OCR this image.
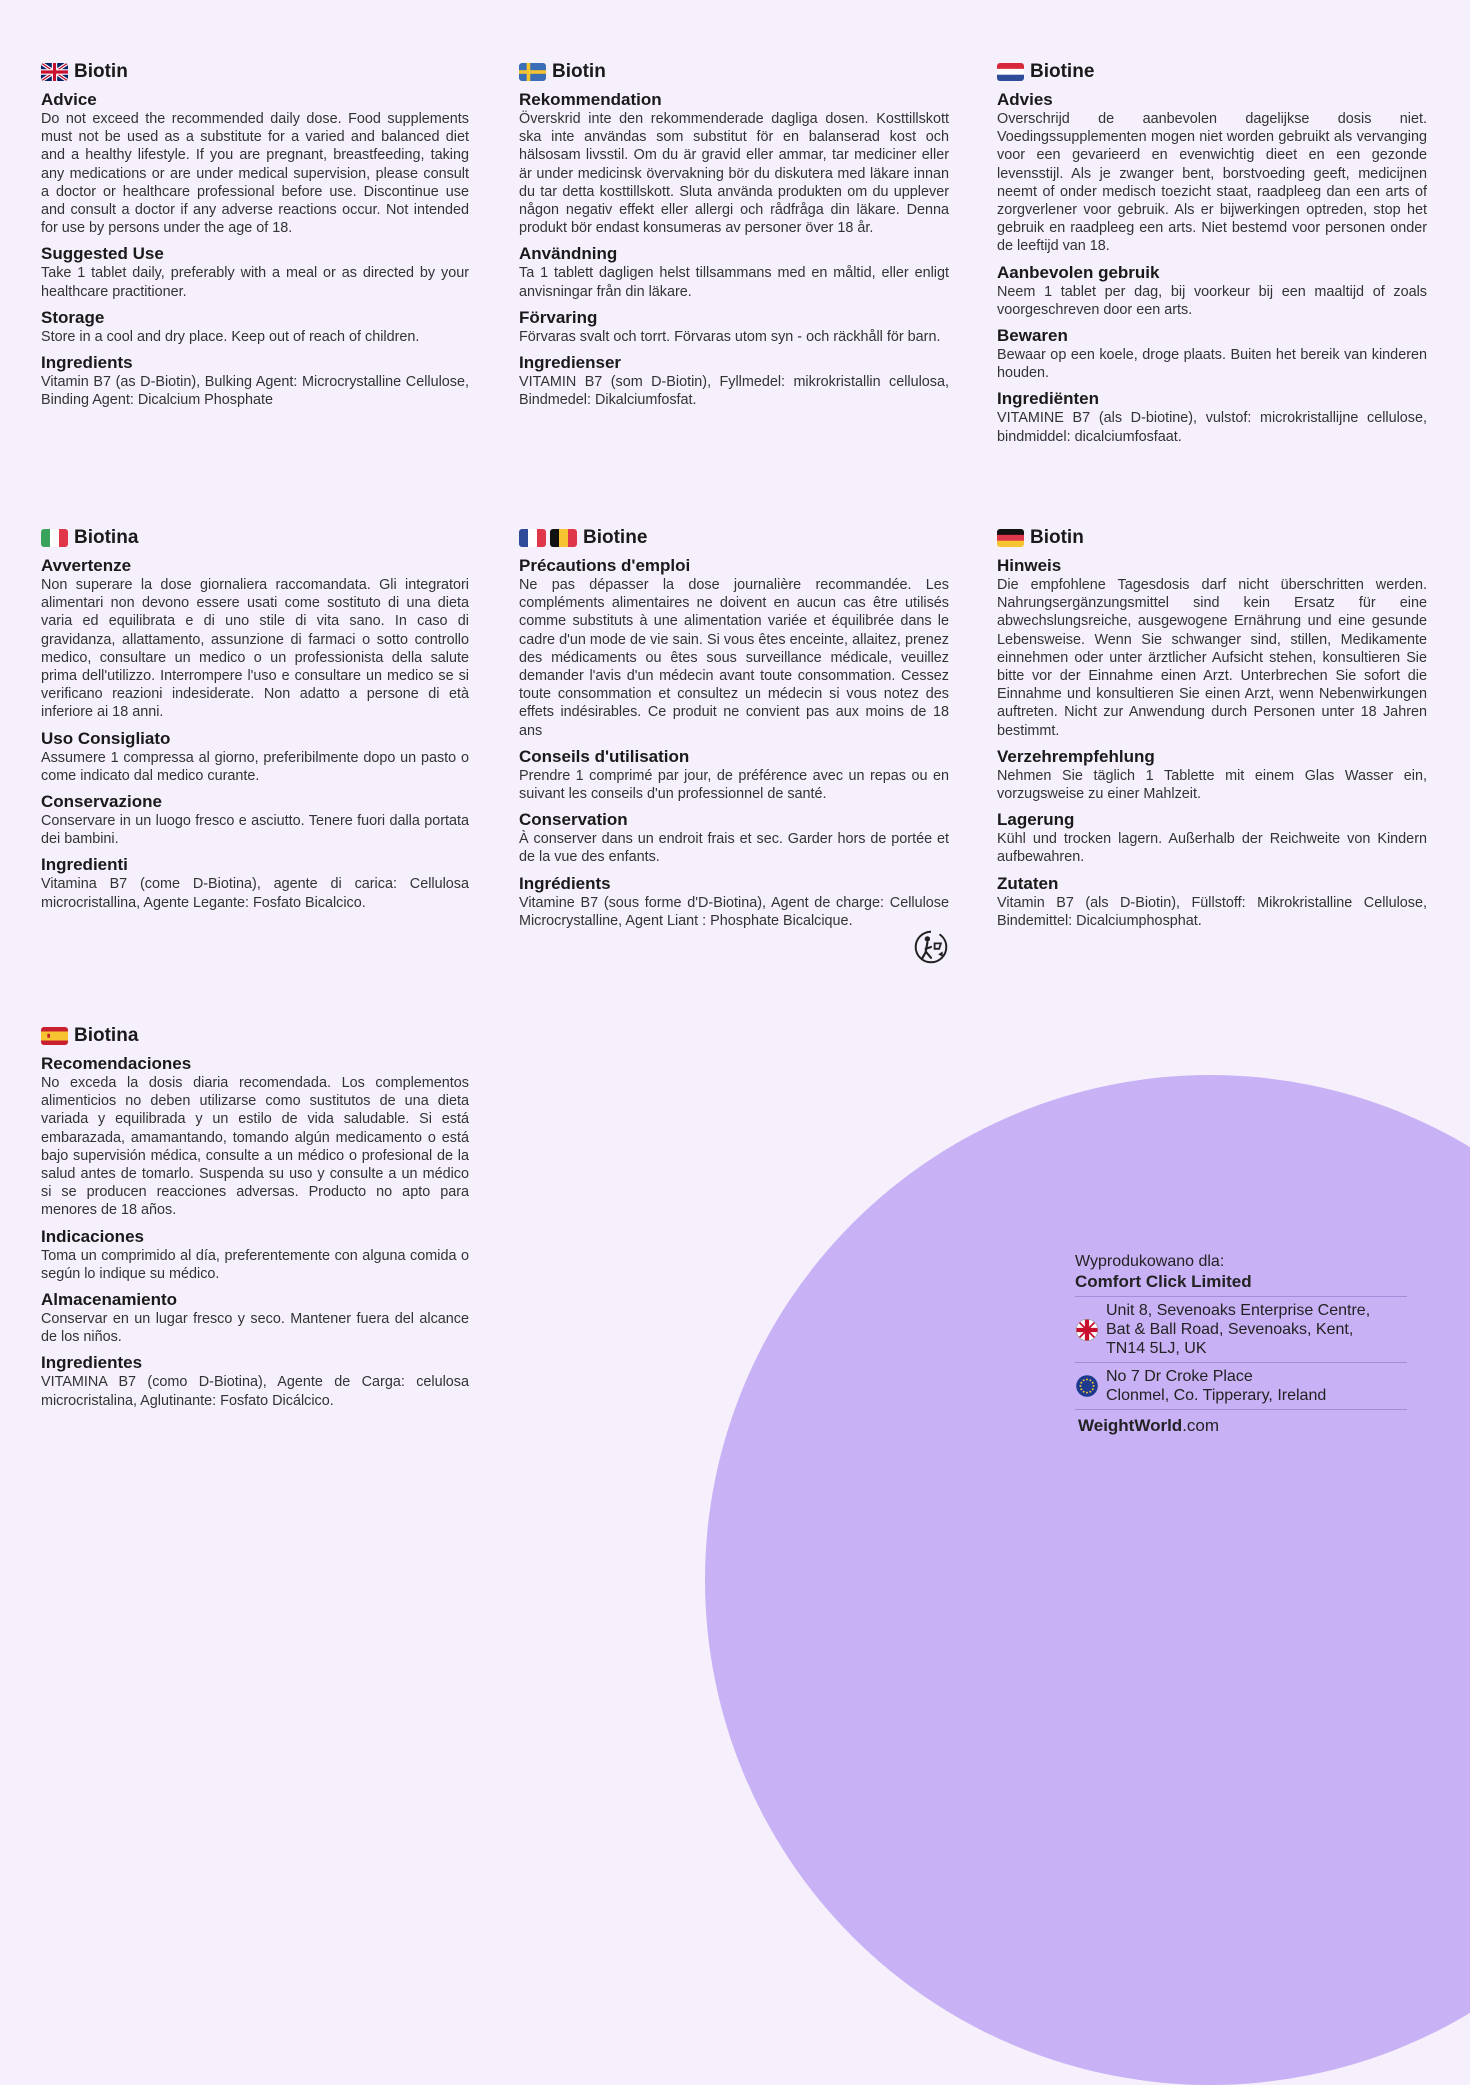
Biotin
Advice

Do not exceed the recommended daily dose. Food supplements must not be used as a substitute for a varied and balanced diet and a healthy lifestyle. If you are pregnant, breastfeeding, taking any medications or are under medical supervision, please consult a doctor or healthcare professional before use. Discontinue use and consult a doctor if any adverse reactions occur. Not intended for use by persons under the age of 18.

Suggested Use

Take 1 tablet daily, preferably with a meal or as directed by your healthcare practitioner.

Storage

Store in a cool and dry place. Keep out of reach of children.

Ingredients

Vitamin B7 (as D-Biotin), Bulking Agent: Microcrystalline Cellulose, Binding Agent: Dicalcium Phosphate

Biotin
Rekommendation

Överskrid inte den rekommenderade dagliga dosen. Kosttillskott ska inte användas som substitut för en balanserad kost och hälsosam livsstil. Om du är gravid eller ammar, tar mediciner eller är under medicinsk övervakning bör du diskutera med läkare innan du tar detta kosttillskott. Sluta använda produkten om du upplever någon negativ effekt eller allergi och rådfråga din läkare. Denna produkt bör endast konsumeras av personer över 18 år.

Användning

Ta 1 tablett dagligen helst tillsammans med en måltid, eller enligt anvisningar från din läkare.

Förvaring

Förvaras svalt och torrt. Förvaras utom syn - och räckhåll för barn.

Ingredienser

VITAMIN B7 (som D-Biotin), Fyllmedel: mikrokristallin cellulosa, Bindmedel: Dikalciumfosfat.

Biotine
Advies

Overschrijd de aanbevolen dagelijkse dosis niet. Voedingssupplementen mogen niet worden gebruikt als vervanging voor een gevarieerd en evenwichtig dieet en een gezonde levensstijl. Als je zwanger bent, borstvoeding geeft, medicijnen neemt of onder medisch toezicht staat, raadpleeg dan een arts of zorgverlener voor gebruik. Als er bijwerkingen optreden, stop het gebruik en raadpleeg een arts. Niet bestemd voor personen onder de leeftijd van 18.

Aanbevolen gebruik

Neem 1 tablet per dag, bij voorkeur bij een maaltijd of zoals voorgeschreven door een arts.

Bewaren

Bewaar op een koele, droge plaats. Buiten het bereik van kinderen houden.

Ingrediënten

VITAMINE B7 (als D-biotine), vulstof: microkristallijne cellulose, bindmiddel: dicalciumfosfaat.

Biotina
Avvertenze

Non superare la dose giornaliera raccomandata. Gli integratori alimentari non devono essere usati come sostituto di una dieta varia ed equilibrata e di uno stile di vita sano. In caso di gravidanza, allattamento, assunzione di farmaci o sotto controllo medico, consultare un medico o un professionista della salute prima dell'utilizzo. Interrompere l'uso e consultare un medico se si verificano reazioni indesiderate. Non adatto a persone di età inferiore ai 18 anni.

Uso Consigliato

Assumere 1 compressa al giorno, preferibilmente dopo un pasto o come indicato dal medico curante.

Conservazione

Conservare in un luogo fresco e asciutto. Tenere fuori dalla portata dei bambini.

Ingredienti

Vitamina B7 (come D-Biotina), agente di carica: Cellulosa microcristallina, Agente Legante: Fosfato Bicalcico.

Biotine
Précautions d'emploi

Ne pas dépasser la dose journalière recommandée. Les compléments alimentaires ne doivent en aucun cas être utilisés comme substituts à une alimentation variée et équilibrée dans le cadre d'un mode de vie sain. Si vous êtes enceinte, allaitez, prenez des médicaments ou êtes sous surveillance médicale, veuillez demander l'avis d'un médecin avant toute consommation. Cessez toute consommation et consultez un médecin si vous notez des effets indésirables. Ce produit ne convient pas aux moins de 18 ans

Conseils d'utilisation

Prendre 1 comprimé par jour, de préférence avec un repas ou en suivant les conseils d'un professionnel de santé.

Conservation

À conserver dans un endroit frais et sec. Garder hors de portée et de la vue des enfants.

Ingrédients

Vitamine B7 (sous forme d'D-Biotina), Agent de charge: Cellulose Microcrystalline, Agent Liant : Phosphate Bicalcique.

Biotin
Hinweis

Die empfohlene Tagesdosis darf nicht überschritten werden. Nahrungsergänzungsmittel sind kein Ersatz für eine abwechslungsreiche, ausgewogene Ernährung und eine gesunde Lebensweise. Wenn Sie schwanger sind, stillen, Medikamente einnehmen oder unter ärztlicher Aufsicht stehen, konsultieren Sie bitte vor der Einnahme einen Arzt. Unterbrechen Sie sofort die Einnahme und konsultieren Sie einen Arzt, wenn Nebenwirkungen auftreten. Nicht zur Anwendung durch Personen unter 18 Jahren bestimmt.

Verzehrempfehlung

Nehmen Sie täglich 1 Tablette mit einem Glas Wasser ein, vorzugsweise zu einer Mahlzeit.

Lagerung

Kühl und trocken lagern. Außerhalb der Reichweite von Kindern aufbewahren.

Zutaten

Vitamin B7 (als D-Biotin), Füllstoff: Mikrokristalline Cellulose, Bindemittel: Dicalciumphosphat.

Biotina
Recomendaciones

No exceda la dosis diaria recomendada. Los complementos alimenticios no deben utilizarse como sustitutos de una dieta variada y equilibrada y un estilo de vida saludable. Si está embarazada, amamantando, tomando algún medicamento o está bajo supervisión médica, consulte a un médico o profesional de la salud antes de tomarlo. Suspenda su uso y consulte a un médico si se producen reacciones adversas. Producto no apto para menores de 18 años.

Indicaciones

Toma un comprimido al día, preferentemente con alguna comida o según lo indique su médico.

Almacenamiento

Conservar en un lugar fresco y seco. Mantener fuera del alcance de los niños.

Ingredientes

VITAMINA B7 (como D-Biotina), Agente de Carga: celulosa microcristalina, Aglutinante: Fosfato Dicálcico.

Wyprodukowano dla:
Comfort Click Limited
Unit 8, Sevenoaks Enterprise Centre,
Bat & Ball Road, Sevenoaks, Kent,
TN14 5LJ, UK
No 7 Dr Croke Place
Clonmel, Co. Tipperary, Ireland
WeightWorld.com
